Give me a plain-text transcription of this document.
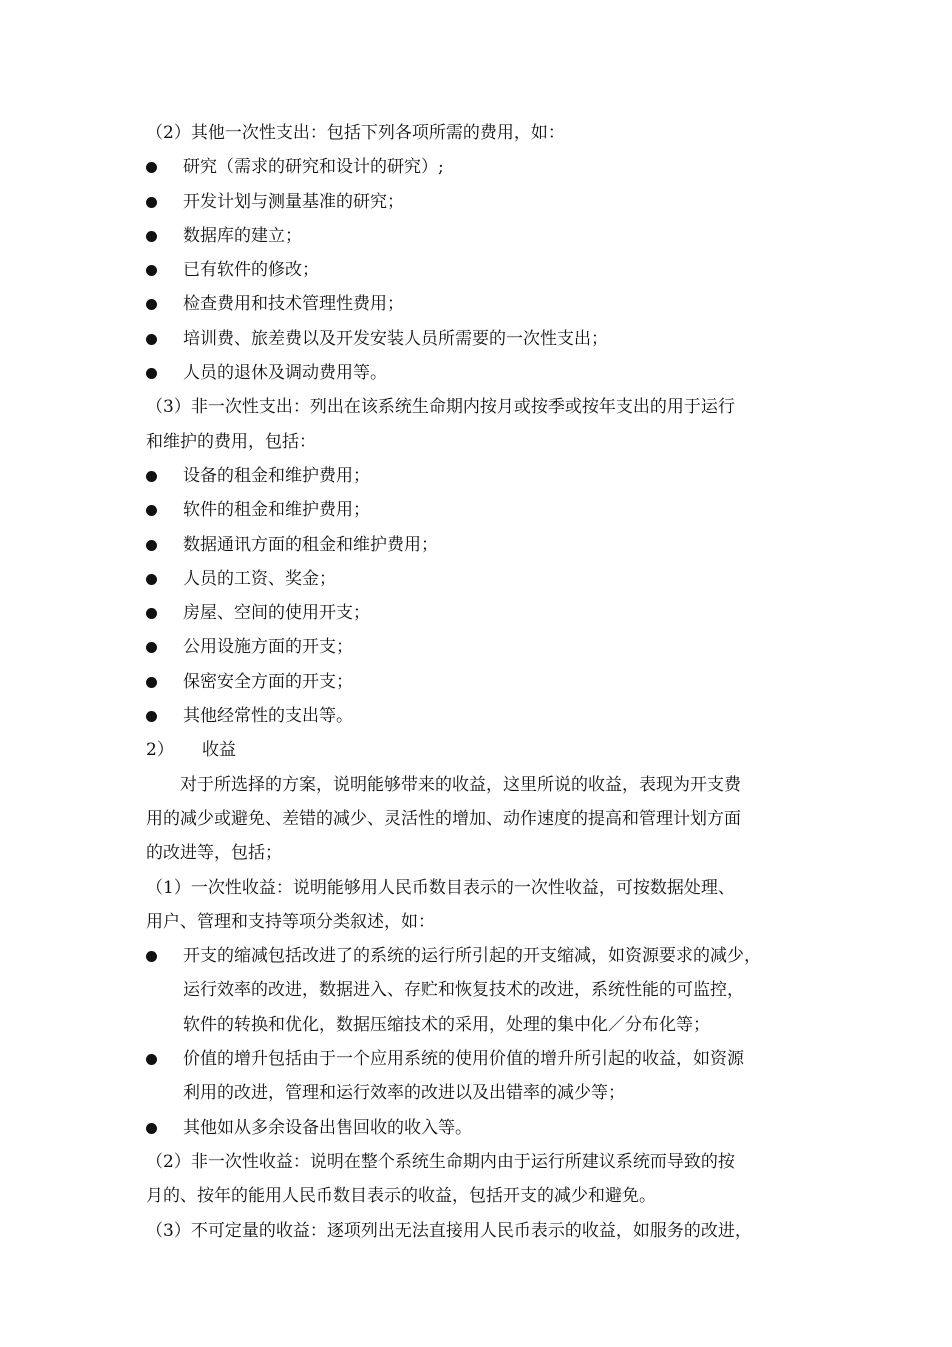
（2）其他一次性支出：包括下列各项所需的费用，如：
研究（需求的研究和设计的研究）;
开发计划与测量基准的研究；
数据库的建立；
已有软件的修改；
检查费用和技术管理性费用；
培训费、旅差费以及开发安装人员所需要的一次性支出；
人员的退休及调动费用等。
（3）非一次性支出：列出在该系统生命期内按月或按季或按年支出的用于运行
和维护的费用，包括：
设备的租金和维护费用；
软件的租金和维护费用；
数据通讯方面的租金和维护费用；
人员的工资、奖金；
房屋、空间的使用开支；
公用设施方面的开支；
保密安全方面的开支；
其他经常性的支出等。
2） 收益
对于所选择的方案，说明能够带来的收益，这里所说的收益，表现为开支费
用的减少或避免、差错的减少、灵活性的增加、动作速度的提高和管理计划方面
的改进等，包括；
（1）一次性收益：说明能够用人民币数目表示的一次性收益，可按数据处理、
用户、管理和支持等项分类叙述，如：
开支的缩减包括改进了的系统的运行所引起的开支缩减，如资源要求的减少，
运行效率的改进，数据进入、存贮和恢复技术的改进，系统性能的可监控，
软件的转换和优化，数据压缩技术的采用，处理的集中化／分布化等；
价值的增升包括由于一个应用系统的使用价值的增升所引起的收益，如资源
利用的改进，管理和运行效率的改进以及出错率的减少等；
其他如从多余设备出售回收的收入等。
（2）非一次性收益：说明在整个系统生命期内由于运行所建议系统而导致的按
月的、按年的能用人民币数目表示的收益，包括开支的减少和避免。
（3）不可定量的收益：逐项列出无法直接用人民币表示的收益，如服务的改进，
